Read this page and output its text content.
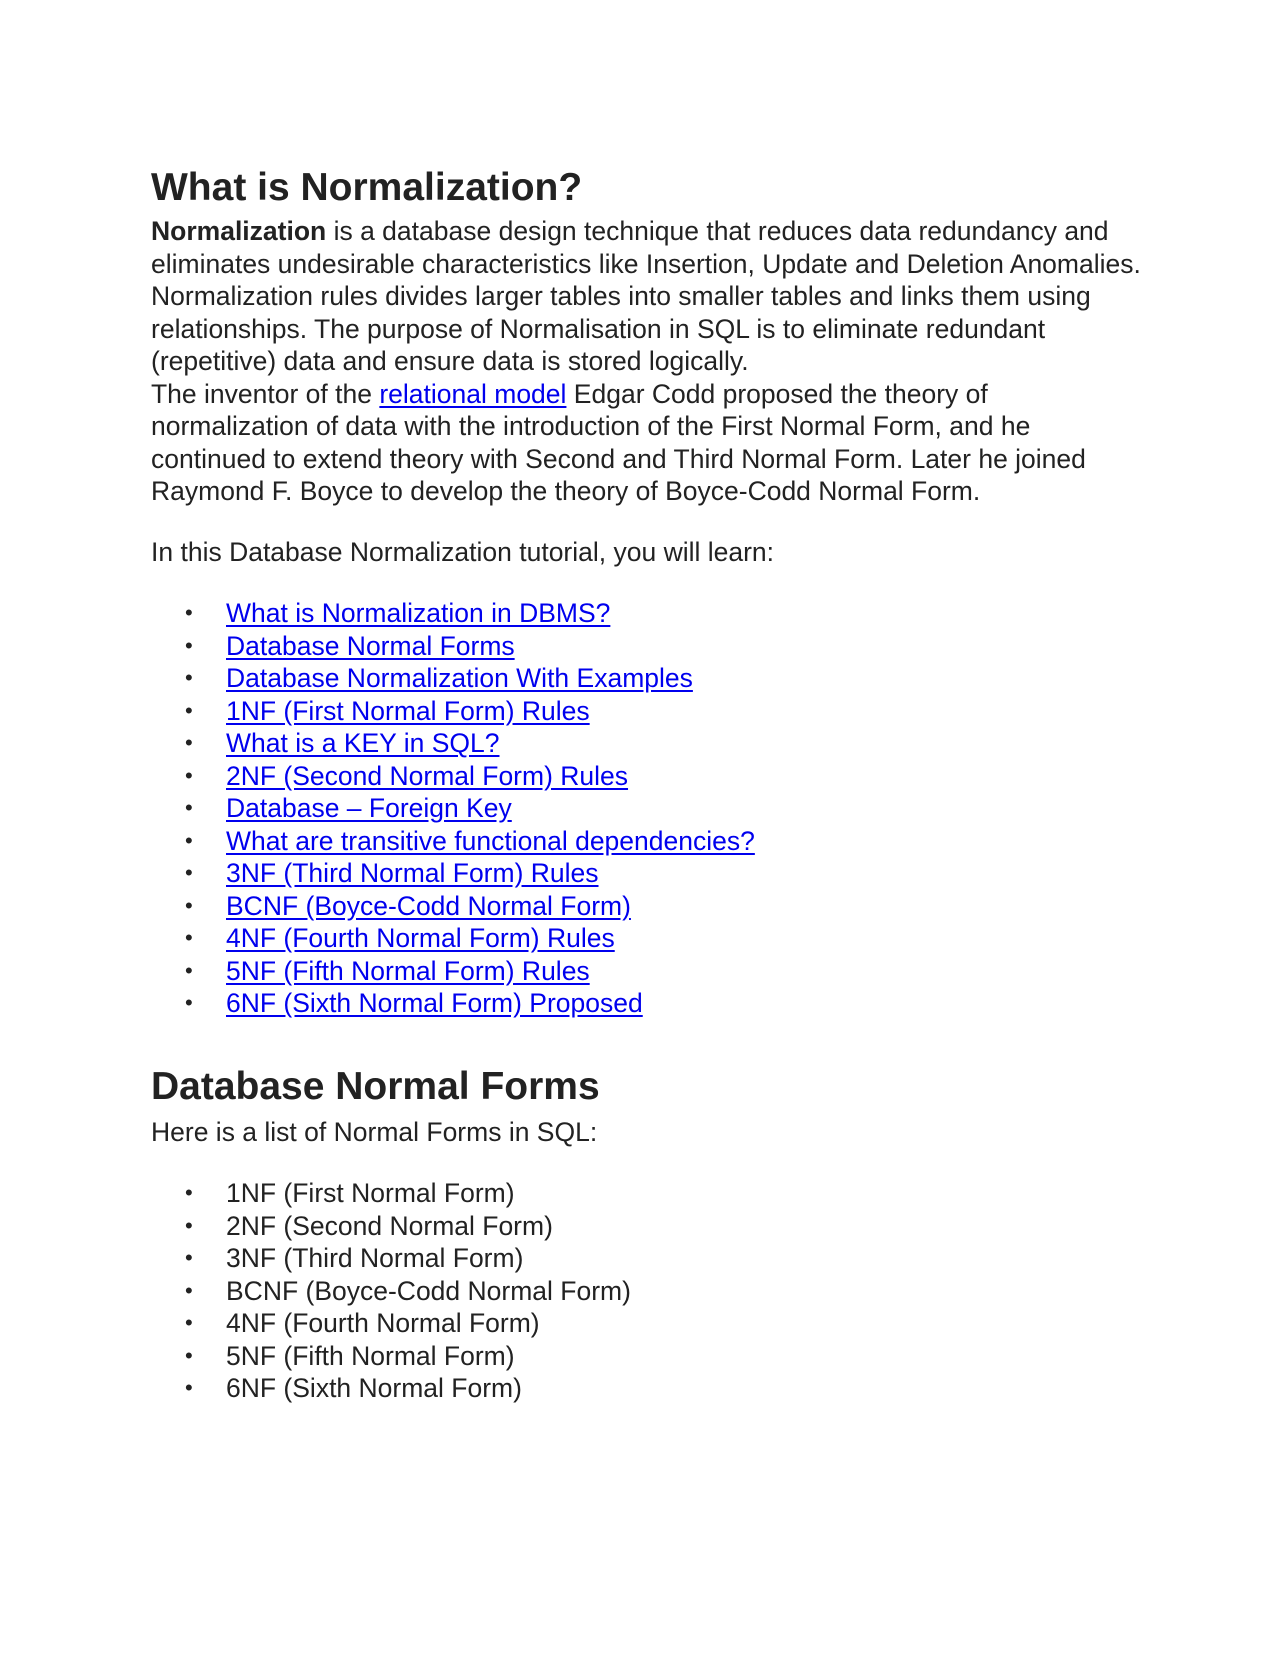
What is Normalization?

Normalization is a database design technique that reduces data redundancy and eliminates undesirable characteristics like Insertion, Update and Deletion Anomalies. Normalization rules divides larger tables into smaller tables and links them using relationships. The purpose of Normalisation in SQL is to eliminate redundant (repetitive) data and ensure data is stored logically.
The inventor of the relational model Edgar Codd proposed the theory of normalization of data with the introduction of the First Normal Form, and he continued to extend theory with Second and Third Normal Form. Later he joined Raymond F. Boyce to develop the theory of Boyce-Codd Normal Form.

In this Database Normalization tutorial, you will learn:

• What is Normalization in DBMS?
• Database Normal Forms
• Database Normalization With Examples
• 1NF (First Normal Form) Rules
• What is a KEY in SQL?
• 2NF (Second Normal Form) Rules
• Database – Foreign Key
• What are transitive functional dependencies?
• 3NF (Third Normal Form) Rules
• BCNF (Boyce-Codd Normal Form)
• 4NF (Fourth Normal Form) Rules
• 5NF (Fifth Normal Form) Rules
• 6NF (Sixth Normal Form) Proposed
Database Normal Forms

Here is a list of Normal Forms in SQL:

• 1NF (First Normal Form)
• 2NF (Second Normal Form)
• 3NF (Third Normal Form)
• BCNF (Boyce-Codd Normal Form)
• 4NF (Fourth Normal Form)
• 5NF (Fifth Normal Form)
• 6NF (Sixth Normal Form)
